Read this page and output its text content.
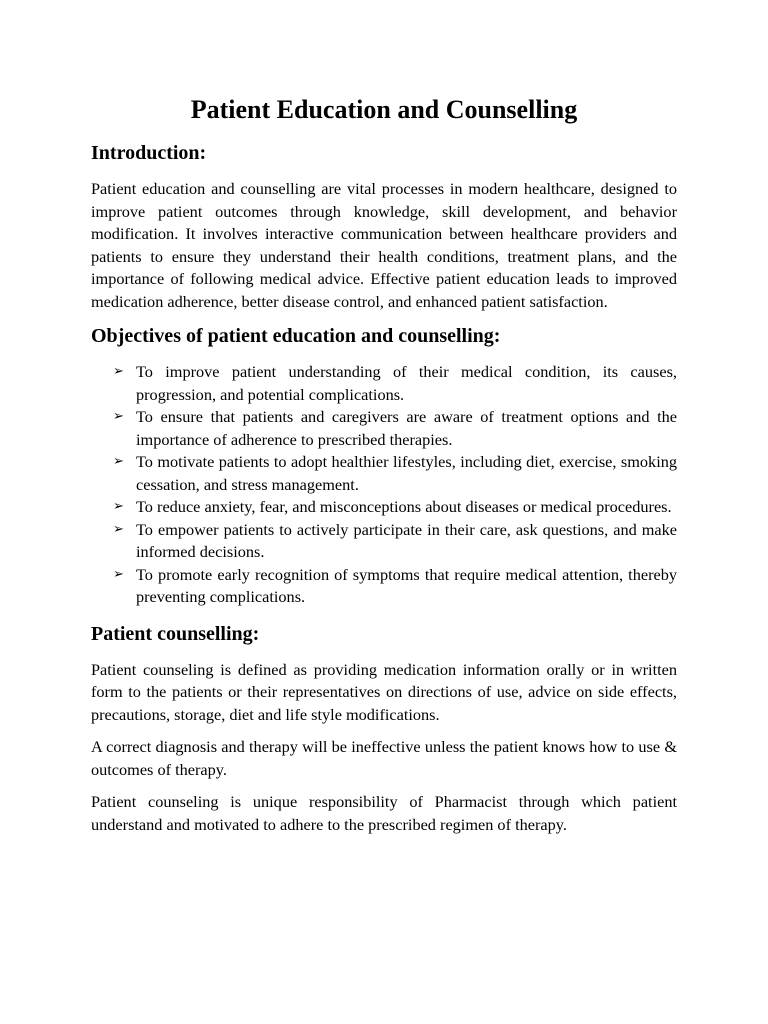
Patient Education and Counselling
Introduction:

Patient education and counselling are vital processes in modern healthcare, designed to improve patient outcomes through knowledge, skill development, and behavior modification. It involves interactive communication between healthcare providers and patients to ensure they understand their health conditions, treatment plans, and the importance of following medical advice. Effective patient education leads to improved medication adherence, better disease control, and enhanced patient satisfaction.

Objectives of patient education and counselling:
➢ To improve patient understanding of their medical condition, its causes, progression, and potential complications.
➢ To ensure that patients and caregivers are aware of treatment options and the importance of adherence to prescribed therapies.
➢ To motivate patients to adopt healthier lifestyles, including diet, exercise, smoking cessation, and stress management.
➢ To reduce anxiety, fear, and misconceptions about diseases or medical procedures.
➢ To empower patients to actively participate in their care, ask questions, and make informed decisions.
➢ To promote early recognition of symptoms that require medical attention, thereby preventing complications.
Patient counselling:

Patient counseling is defined as providing medication information orally or in written form to the patients or their representatives on directions of use, advice on side effects, precautions, storage, diet and life style modifications.

A correct diagnosis and therapy will be ineffective unless the patient knows how to use & outcomes of therapy.

Patient counseling is unique responsibility of Pharmacist through which patient understand and motivated to adhere to the prescribed regimen of therapy.
